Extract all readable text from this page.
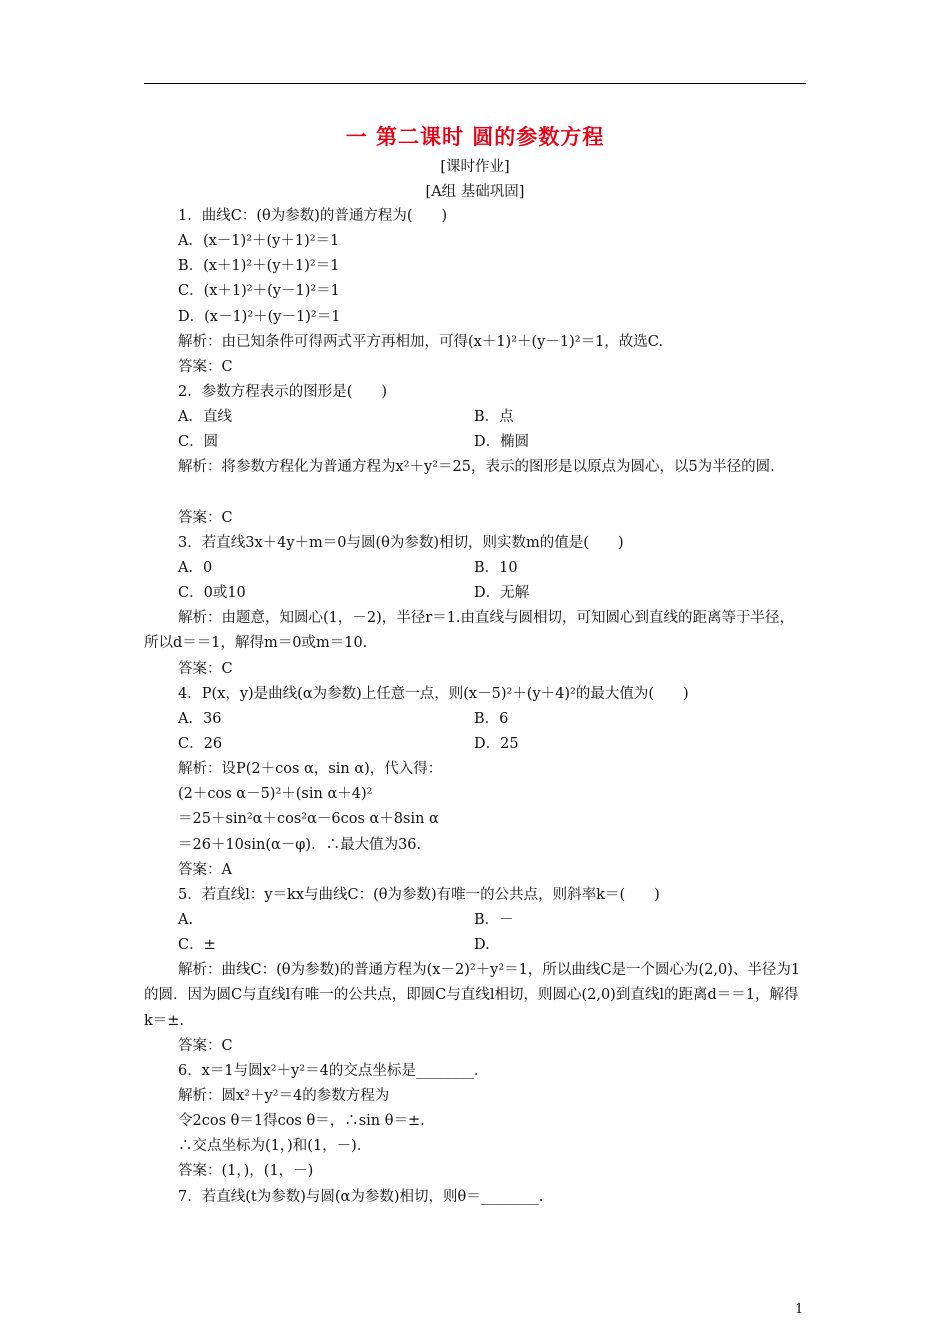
一 第二课时 圆的参数方程
[课时作业]
[A组 基础巩固]
1．曲线C：(θ为参数)的普通方程为(　　)
A．(x－1)²＋(y＋1)²＝1
B．(x＋1)²＋(y＋1)²＝1
C．(x＋1)²＋(y－1)²＝1
D．(x－1)²＋(y－1)²＝1
解析：由已知条件可得两式平方再相加，可得(x＋1)²＋(y－1)²＝1，故选C.
答案：C
2．参数方程表示的图形是(　　)
A．直线	B．点
C．圆	D．椭圆
解析：将参数方程化为普通方程为x²＋y²＝25，表示的图形是以原点为圆心，以5为半径的圆.
答案：C
3．若直线3x＋4y＋m＝0与圆(θ为参数)相切，则实数m的值是(　　)
A．0	B．10
C．0或10	D．无解
解析：由题意，知圆心(1，－2)，半径r＝1.由直线与圆相切，可知圆心到直线的距离等于半径，所以d＝＝1，解得m＝0或m＝10.
答案：C
4．P(x，y)是曲线(α为参数)上任意一点，则(x－5)²＋(y＋4)²的最大值为(　　)
A．36	B．6
C．26	D．25
解析：设P(2＋cos α，sin α)，代入得：
(2＋cos α－5)²＋(sin α＋4)²
＝25＋sin²α＋cos²α－6cos α＋8sin α
＝26＋10sin(α－φ)．∴最大值为36.
答案：A
5．若直线l：y＝kx与曲线C：(θ为参数)有唯一的公共点，则斜率k＝(　　)
A.	B．－
C．±	D.
解析：曲线C：(θ为参数)的普通方程为(x－2)²＋y²＝1，所以曲线C是一个圆心为(2,0)、半径为1的圆．因为圆C与直线l有唯一的公共点，即圆C与直线l相切，则圆心(2,0)到直线l的距离d＝＝1，解得k＝±.
答案：C
6．x＝1与圆x²＋y²＝4的交点坐标是________．
解析：圆x²＋y²＝4的参数方程为
令2cos θ＝1得cos θ＝，∴sin θ＝±.
∴交点坐标为(1，)和(1，－)．
答案：(1，)，(1，－)
7．若直线(t为参数)与圆(α为参数)相切，则θ＝________.
1
